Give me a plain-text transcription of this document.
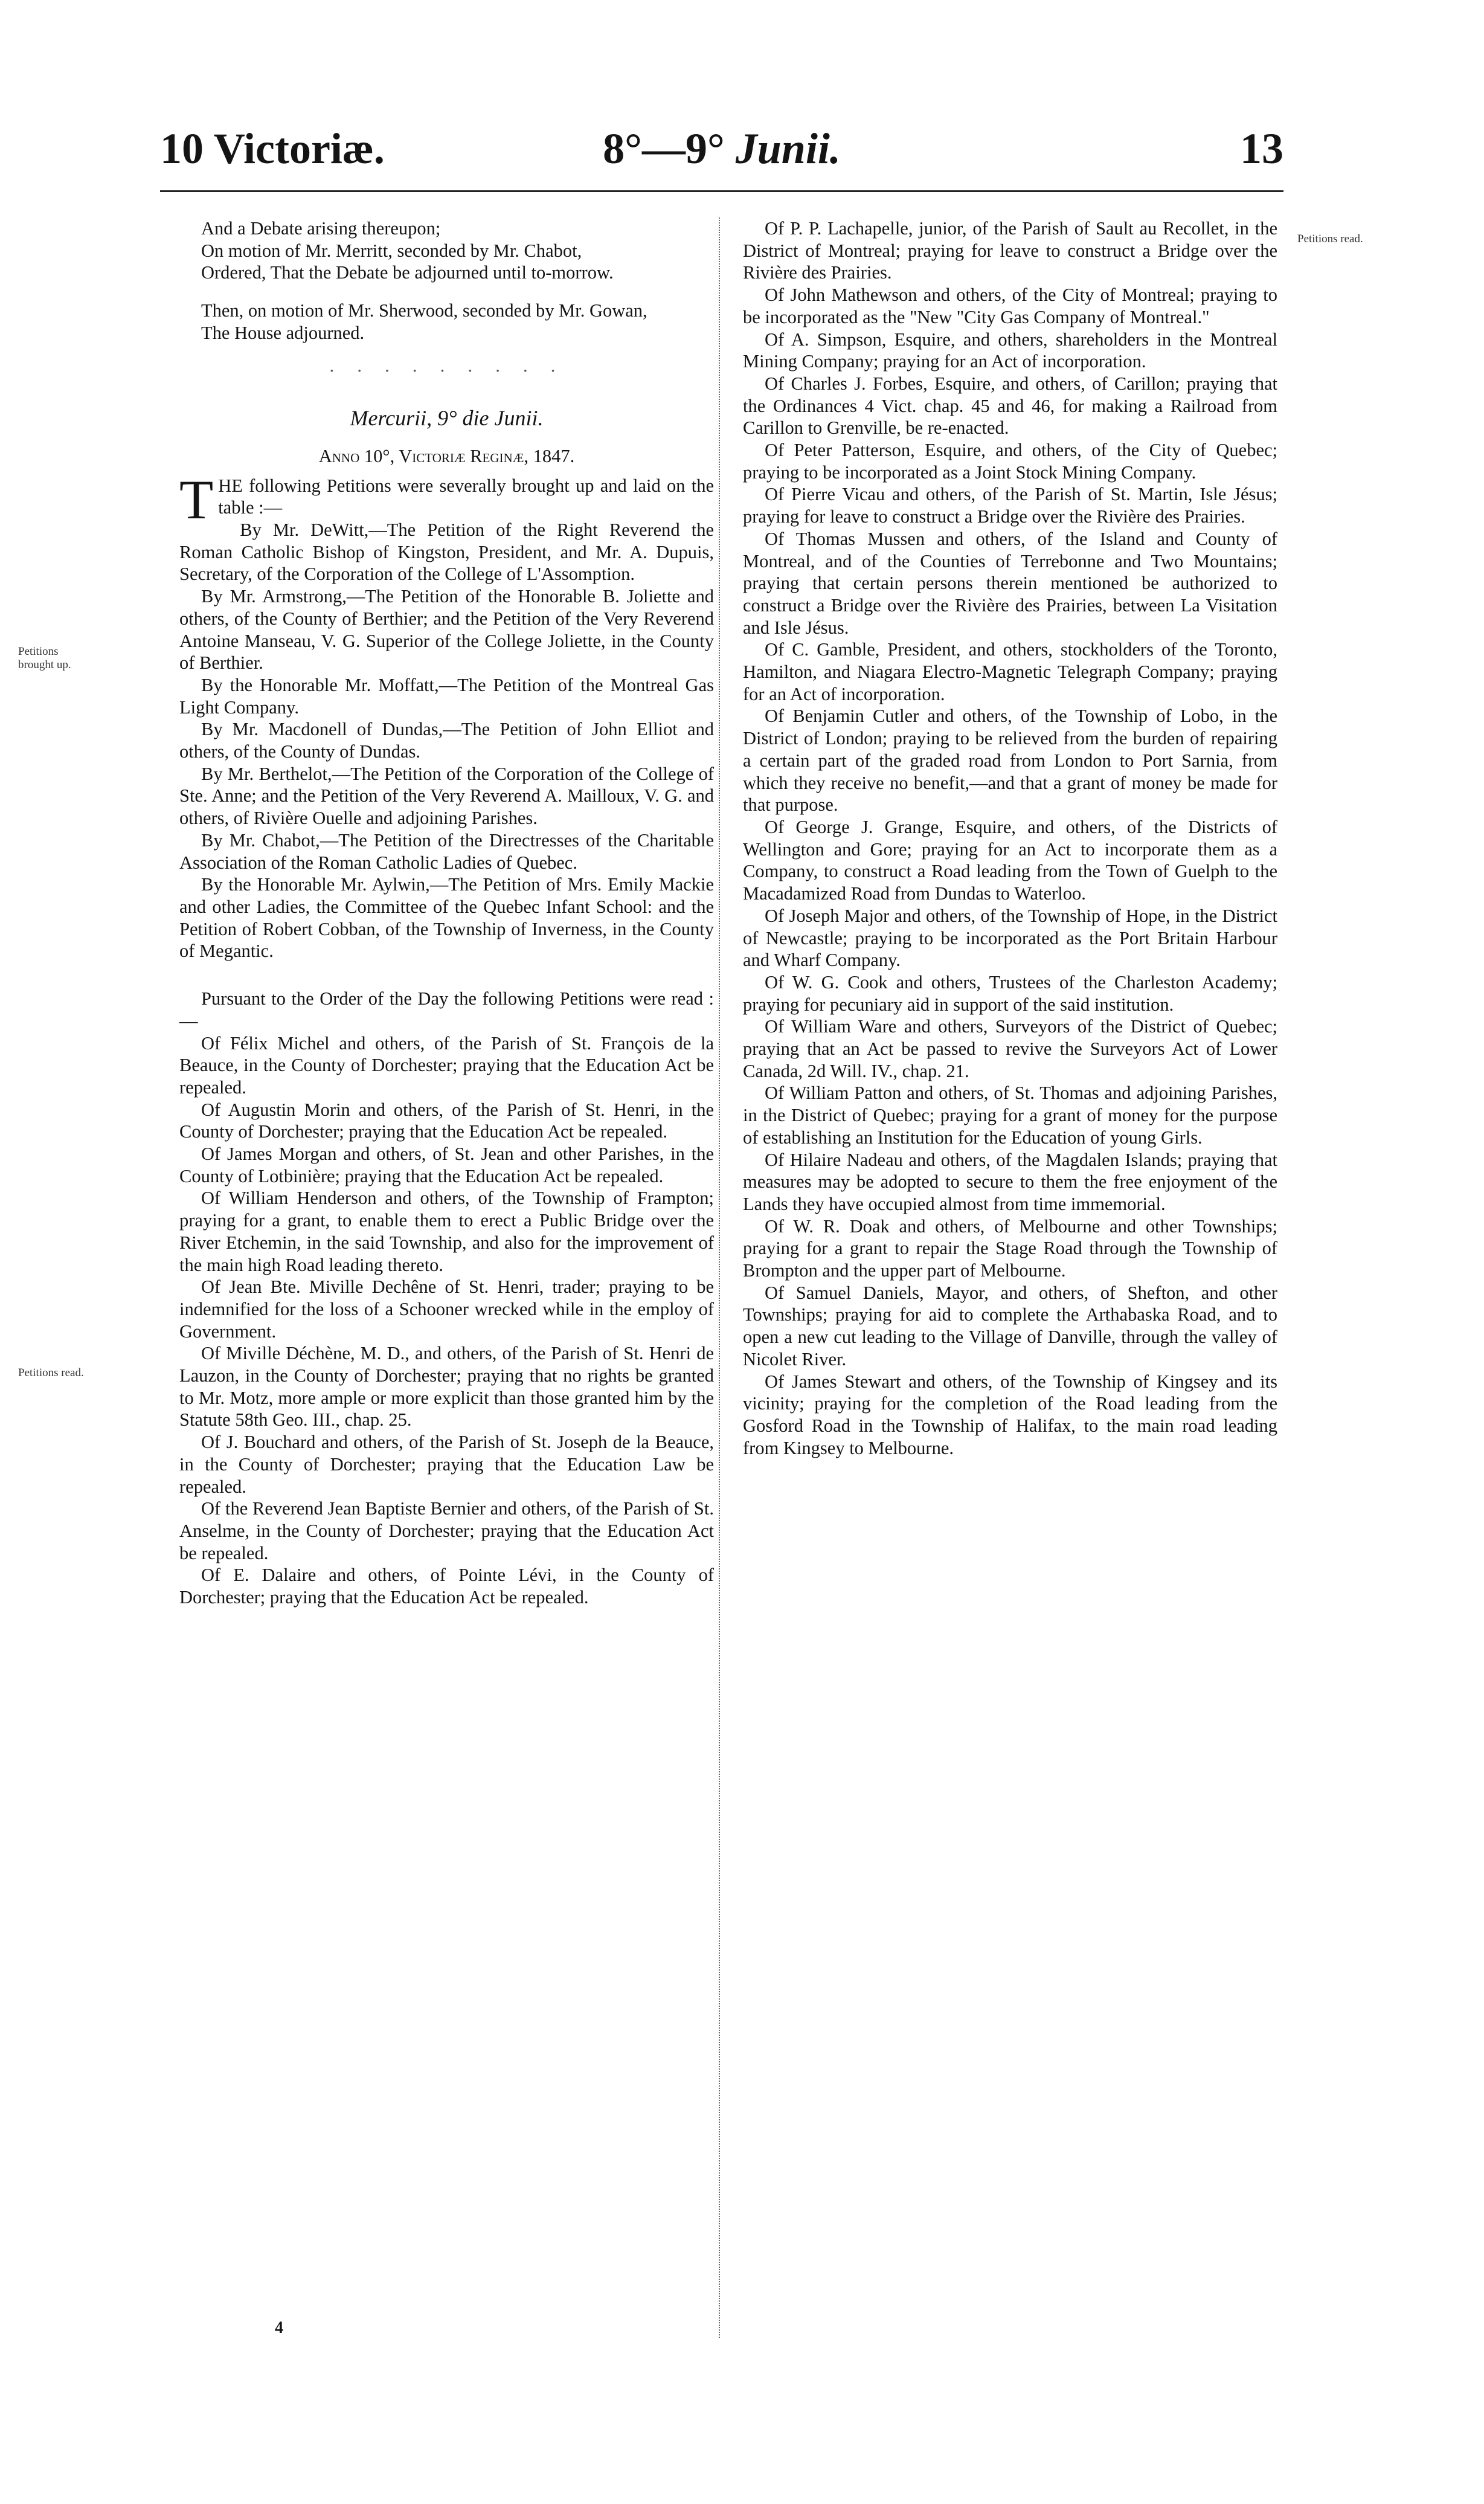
10 Victoriæ.	8°—9° Junii.	13
Petitions read.
Petitions brought up.
Petitions read.

And a Debate arising thereupon;

On motion of Mr. Merritt, seconded by Mr. Chabot,

Ordered, That the Debate be adjourned until to-morrow.

Then, on motion of Mr. Sherwood, seconded by Mr. Gowan,

The House adjourned.

· · · · · · · · ·

Mercurii, 9° die Junii.

Anno 10°, Victoriæ Reginæ, 1847.

THE following Petitions were severally brought up and laid on the table :—

By Mr. DeWitt,—The Petition of the Right Reverend the Roman Catholic Bishop of Kingston, President, and Mr. A. Dupuis, Secretary, of the Corporation of the College of L'Assomption.

By Mr. Armstrong,—The Petition of the Honorable B. Joliette and others, of the County of Berthier; and the Petition of the Very Reverend Antoine Manseau, V. G. Superior of the College Joliette, in the County of Berthier.

By the Honorable Mr. Moffatt,—The Petition of the Montreal Gas Light Company.

By Mr. Macdonell of Dundas,—The Petition of John Elliot and others, of the County of Dundas.

By Mr. Berthelot,—The Petition of the Corporation of the College of Ste. Anne; and the Petition of the Very Reverend A. Mailloux, V. G. and others, of Rivière Ouelle and adjoining Parishes.

By Mr. Chabot,—The Petition of the Directresses of the Charitable Association of the Roman Catholic Ladies of Quebec.

By the Honorable Mr. Aylwin,—The Petition of Mrs. Emily Mackie and other Ladies, the Committee of the Quebec Infant School: and the Petition of Robert Cobban, of the Township of Inverness, in the County of Megantic.

Pursuant to the Order of the Day the following Petitions were read :—

Of Félix Michel and others, of the Parish of St. François de la Beauce, in the County of Dorchester; praying that the Education Act be repealed.

Of Augustin Morin and others, of the Parish of St. Henri, in the County of Dorchester; praying that the Education Act be repealed.

Of James Morgan and others, of St. Jean and other Parishes, in the County of Lotbinière; praying that the Education Act be repealed.

Of William Henderson and others, of the Township of Frampton; praying for a grant, to enable them to erect a Public Bridge over the River Etchemin, in the said Township, and also for the improvement of the main high Road leading thereto.

Of Jean Bte. Miville Dechêne of St. Henri, trader; praying to be indemnified for the loss of a Schooner wrecked while in the employ of Government.

Of Miville Déchène, M. D., and others, of the Parish of St. Henri de Lauzon, in the County of Dorchester; praying that no rights be granted to Mr. Motz, more ample or more explicit than those granted him by the Statute 58th Geo. III., chap. 25.

Of J. Bouchard and others, of the Parish of St. Joseph de la Beauce, in the County of Dorchester; praying that the Education Law be repealed.

Of the Reverend Jean Baptiste Bernier and others, of the Parish of St. Anselme, in the County of Dorchester; praying that the Education Act be repealed.

Of E. Dalaire and others, of Pointe Lévi, in the County of Dorchester; praying that the Education Act be repealed.

4

Of P. P. Lachapelle, junior, of the Parish of Sault au Recollet, in the District of Montreal; praying for leave to construct a Bridge over the Rivière des Prairies.

Of John Mathewson and others, of the City of Montreal; praying to be incorporated as the "New "City Gas Company of Montreal."

Of A. Simpson, Esquire, and others, shareholders in the Montreal Mining Company; praying for an Act of incorporation.

Of Charles J. Forbes, Esquire, and others, of Carillon; praying that the Ordinances 4 Vict. chap. 45 and 46, for making a Railroad from Carillon to Grenville, be re-enacted.

Of Peter Patterson, Esquire, and others, of the City of Quebec; praying to be incorporated as a Joint Stock Mining Company.

Of Pierre Vicau and others, of the Parish of St. Martin, Isle Jésus; praying for leave to construct a Bridge over the Rivière des Prairies.

Of Thomas Mussen and others, of the Island and County of Montreal, and of the Counties of Terrebonne and Two Mountains; praying that certain persons therein mentioned be authorized to construct a Bridge over the Rivière des Prairies, between La Visitation and Isle Jésus.

Of C. Gamble, President, and others, stockholders of the Toronto, Hamilton, and Niagara Electro-Magnetic Telegraph Company; praying for an Act of incorporation.

Of Benjamin Cutler and others, of the Township of Lobo, in the District of London; praying to be relieved from the burden of repairing a certain part of the graded road from London to Port Sarnia, from which they receive no benefit,—and that a grant of money be made for that purpose.

Of George J. Grange, Esquire, and others, of the Districts of Wellington and Gore; praying for an Act to incorporate them as a Company, to construct a Road leading from the Town of Guelph to the Macadamized Road from Dundas to Waterloo.

Of Joseph Major and others, of the Township of Hope, in the District of Newcastle; praying to be incorporated as the Port Britain Harbour and Wharf Company.

Of W. G. Cook and others, Trustees of the Charleston Academy; praying for pecuniary aid in support of the said institution.

Of William Ware and others, Surveyors of the District of Quebec; praying that an Act be passed to revive the Surveyors Act of Lower Canada, 2d Will. IV., chap. 21.

Of William Patton and others, of St. Thomas and adjoining Parishes, in the District of Quebec; praying for a grant of money for the purpose of establishing an Institution for the Education of young Girls.

Of Hilaire Nadeau and others, of the Magdalen Islands; praying that measures may be adopted to secure to them the free enjoyment of the Lands they have occupied almost from time immemorial.

Of W. R. Doak and others, of Melbourne and other Townships; praying for a grant to repair the Stage Road through the Township of Brompton and the upper part of Melbourne.

Of Samuel Daniels, Mayor, and others, of Shefton, and other Townships; praying for aid to complete the Arthabaska Road, and to open a new cut leading to the Village of Danville, through the valley of Nicolet River.

Of James Stewart and others, of the Township of Kingsey and its vicinity; praying for the completion of the Road leading from the Gosford Road in the Township of Halifax, to the main road leading from Kingsey to Melbourne.
